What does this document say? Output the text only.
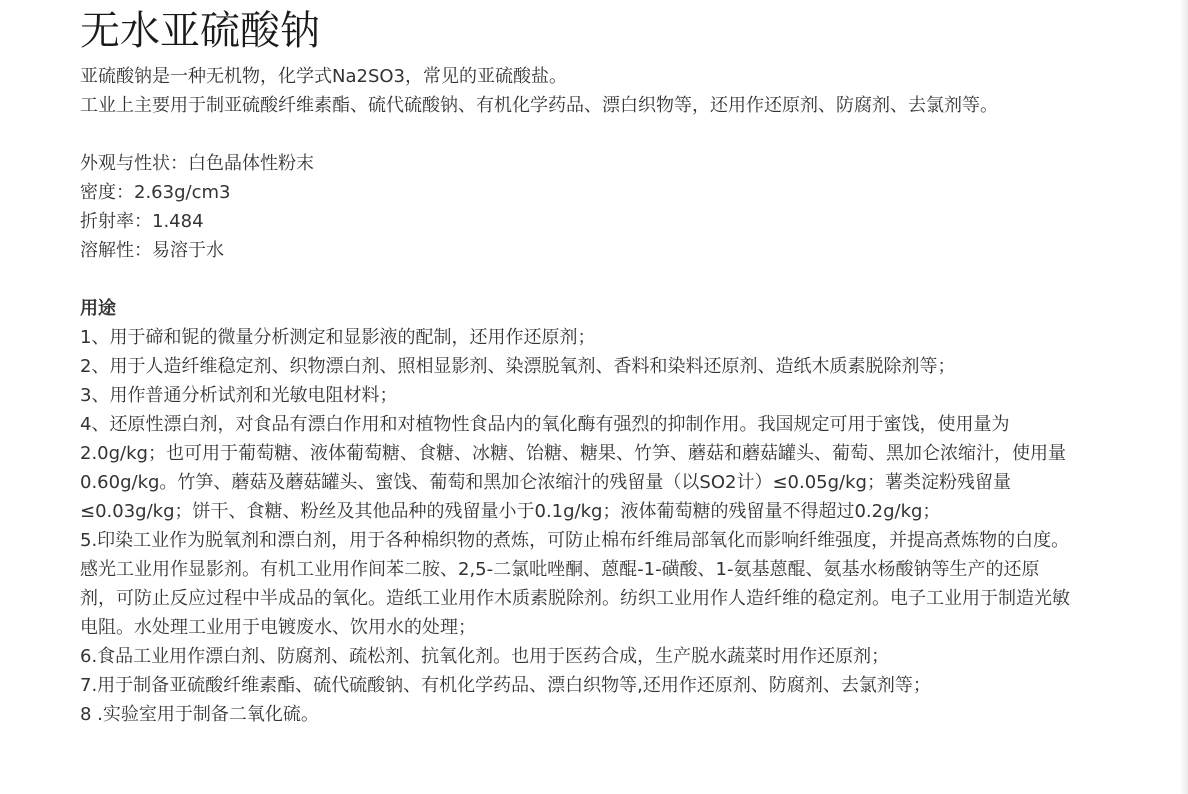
无水亚硫酸钠

亚硫酸钠是一种无机物，化学式Na2SO3，常见的亚硫酸盐。

工业上主要用于制亚硫酸纤维素酯、硫代硫酸钠、有机化学药品、漂白织物等，还用作还原剂、防腐剂、去氯剂等。

外观与性状：白色晶体性粉末

密度：2.63g/cm3

折射率：1.484

溶解性：易溶于水

用途

1、用于碲和铌的微量分析测定和显影液的配制，还用作还原剂；

2、用于人造纤维稳定剂、织物漂白剂、照相显影剂、染漂脱氧剂、香料和染料还原剂、造纸木质素脱除剂等；

3、用作普通分析试剂和光敏电阻材料；

4、还原性漂白剂，对食品有漂白作用和对植物性食品内的氧化酶有强烈的抑制作用。我国规定可用于蜜饯，使用量为2.0g/kg；也可用于葡萄糖、液体葡萄糖、食糖、冰糖、饴糖、糖果、竹笋、蘑菇和蘑菇罐头、葡萄、黑加仑浓缩汁，使用量0.60g/kg。竹笋、蘑菇及蘑菇罐头、蜜饯、葡萄和黑加仑浓缩汁的残留量（以SO2计）≤0.05g/kg；薯类淀粉残留量≤0.03g/kg；饼干、食糖、粉丝及其他品种的残留量小于0.1g/kg；液体葡萄糖的残留量不得超过0.2g/kg；

5.印染工业作为脱氧剂和漂白剂，用于各种棉织物的煮炼，可防止棉布纤维局部氧化而影响纤维强度，并提高煮炼物的白度。感光工业用作显影剂。有机工业用作间苯二胺、2,5-二氯吡唑酮、蒽醌-1-磺酸、1-氨基蒽醌、氨基水杨酸钠等生产的还原剂，可防止反应过程中半成品的氧化。造纸工业用作木质素脱除剂。纺织工业用作人造纤维的稳定剂。电子工业用于制造光敏电阻。水处理工业用于电镀废水、饮用水的处理；

6.食品工业用作漂白剂、防腐剂、疏松剂、抗氧化剂。也用于医药合成，生产脱水蔬菜时用作还原剂；

7.用于制备亚硫酸纤维素酯、硫代硫酸钠、有机化学药品、漂白织物等,还用作还原剂、防腐剂、去氯剂等；

8 .实验室用于制备二氧化硫。
